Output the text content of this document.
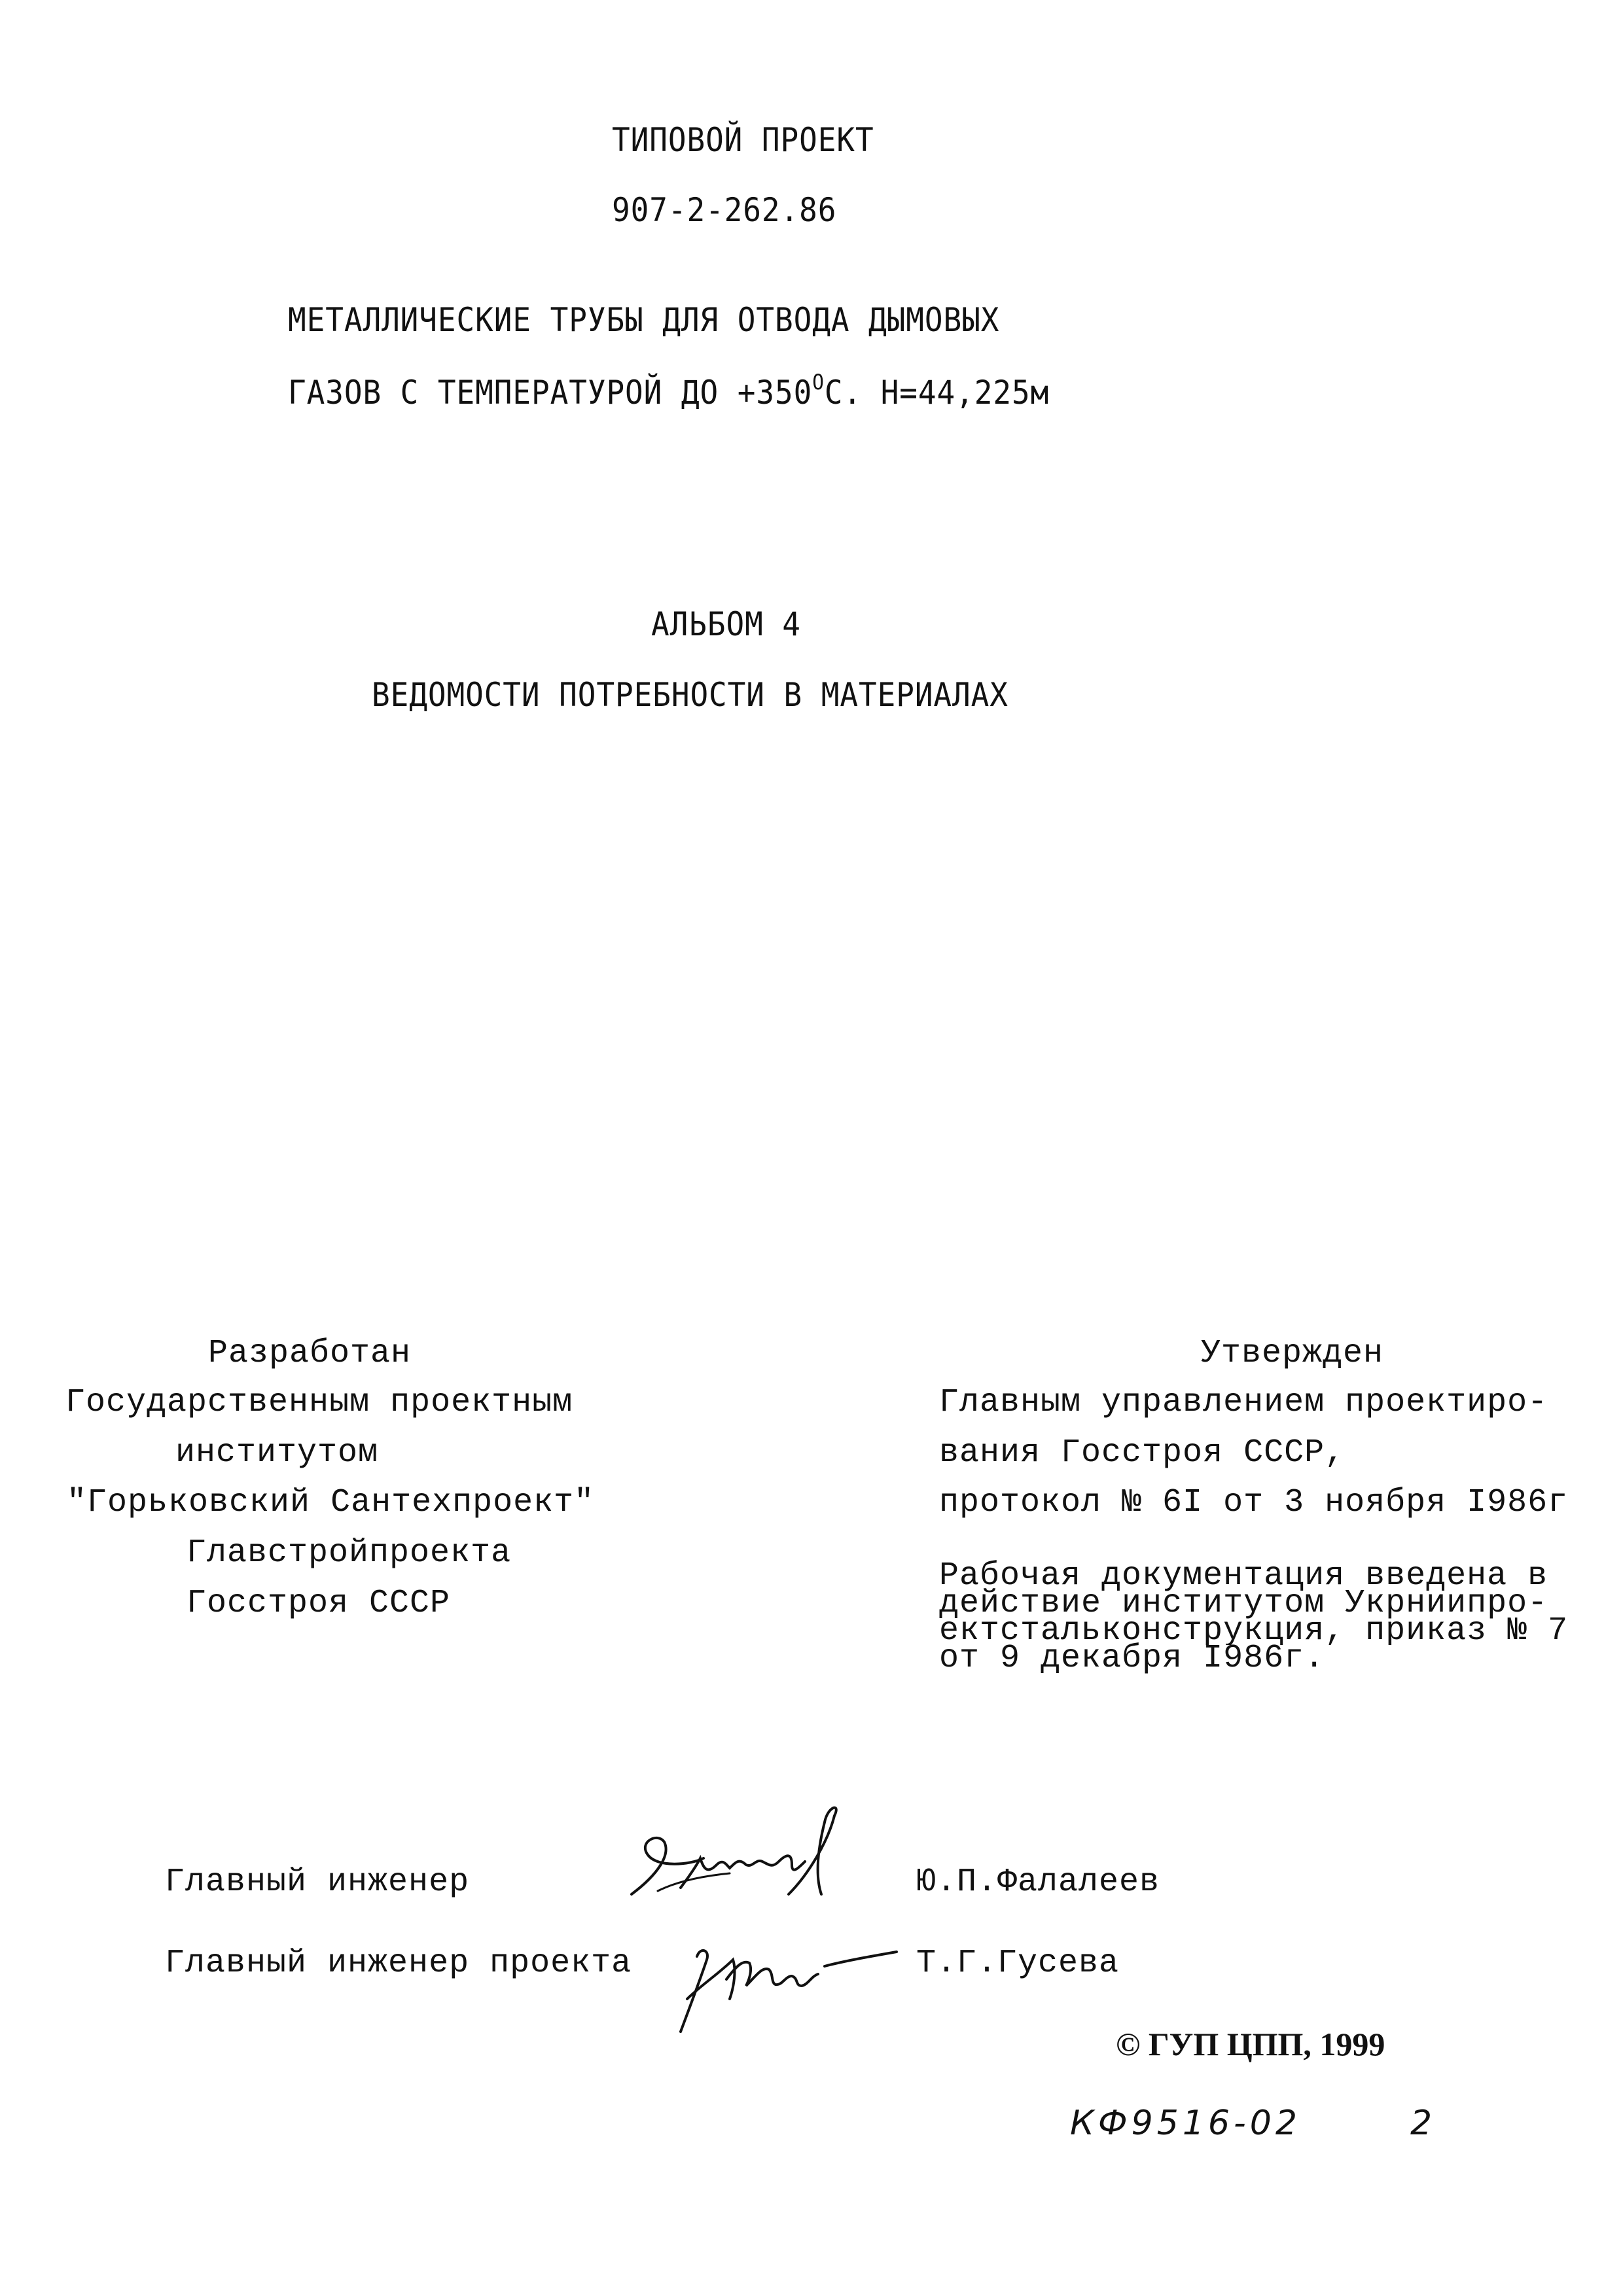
ТИПОВОЙ ПРОЕКТ
907-2-262.86
МЕТАЛЛИЧЕСКИЕ ТРУБЫ ДЛЯ ОТВОДА ДЫМОВЫХ
ГАЗОВ С ТЕМПЕРАТУРОЙ ДО $+350^ОС$. Н=44,225м
АЛЬБОМ 4
ВЕДОМОСТИ ПОТРЕБНОСТИ В МАТЕРИАЛАХ
Разработан
Государственным проектным
институтом
"Горьковский Сантехпроект"
Главстройпроекта
Госстроя СССР
Утвержден
Главным управлением проектиро-
вания Госстроя СССР,
протокол № 6I от 3 ноября I986г
Рабочая документация введена в
действие институтом Укрниипро-
ектстальконструкция, приказ № 7
от 9 декабря I986г.
Главный инженер	Ю.П.Фалалеев
Главный инженер проекта	Т.Г.Гусева
© ГУП ЦПП, 1999
КФ9516-02	2
